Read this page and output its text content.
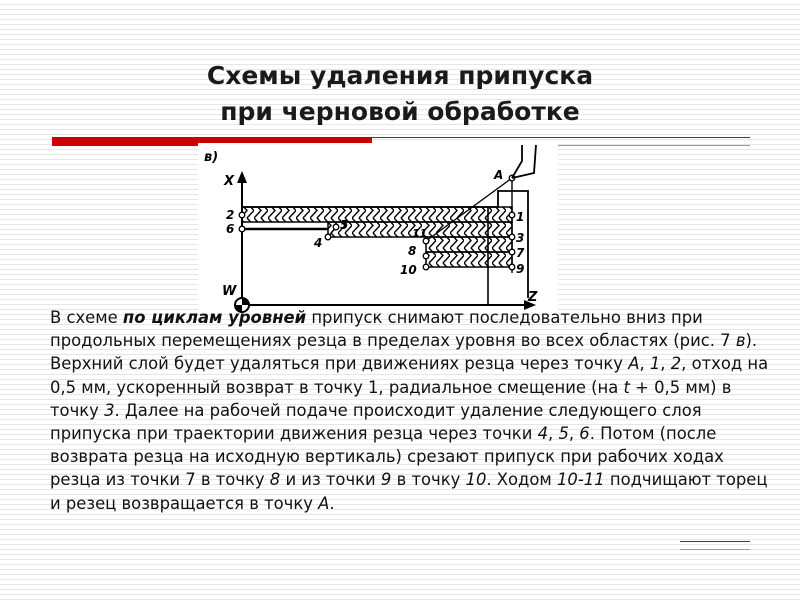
Схемы удаления припуска
при черновой обработке
в)
X
Z
W
A
2
6
4
5
11
8
10
1
3
7
9
В схеме по циклам уровней припуск снимают последовательно вниз при продольных перемещениях резца в пределах уровня во всех областях (рис. 7 в). Верхний слой будет удаляться при движениях резца через точку А, 1, 2, отход на 0,5 мм, ускоренный возврат в точку 1, радиальное смещение (на t + 0,5 мм) в точку 3. Далее на рабочей подаче происходит удаление следующего слоя припуска при траектории движения резца через точки 4, 5, 6. Потом (после возврата резца на исходную вертикаль) срезают припуск при рабочих ходах резца из точки 7 в точку 8 и из точки 9 в точку 10. Ходом 10-11 подчищают торец и резец возвращается в точку А.
